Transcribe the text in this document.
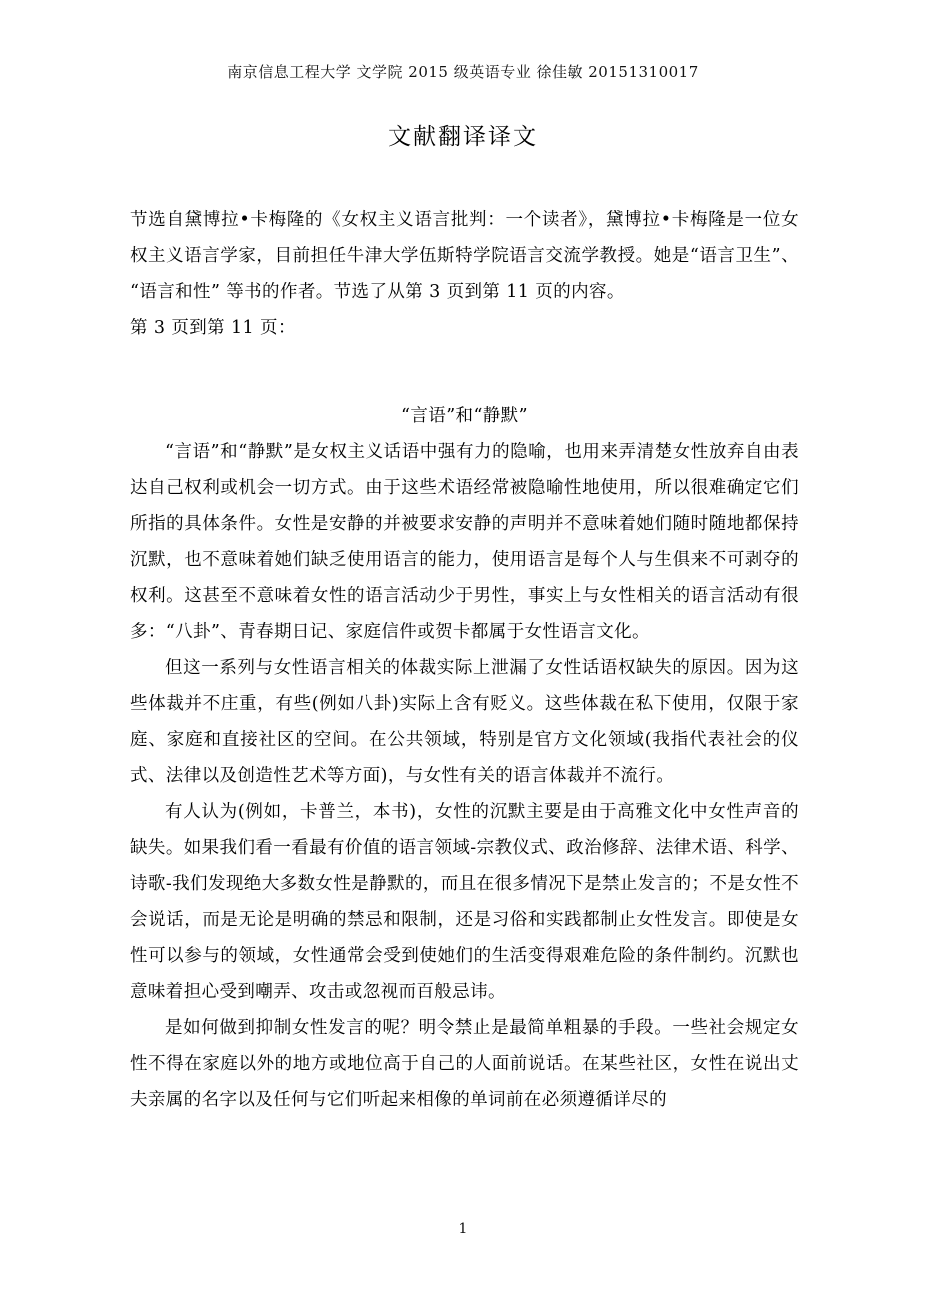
南京信息工程大学 文学院 2015 级英语专业 徐佳敏 20151310017
文献翻译译文

节选自黛博拉•卡梅隆的《女权主义语言批判：一个读者》，黛博拉•卡梅隆是一位女权主义语言学家，目前担任牛津大学伍斯特学院语言交流学教授。她是“语言卫生”、“语言和性” 等书的作者。节选了从第 3 页到第 11 页的内容。

第 3 页到第 11 页：

“言语”和“静默”

“言语”和“静默”是女权主义话语中强有力的隐喻，也用来弄清楚女性放弃自由表达自己权利或机会一切方式。由于这些术语经常被隐喻性地使用，所以很难确定它们所指的具体条件。女性是安静的并被要求安静的声明并不意味着她们随时随地都保持沉默，也不意味着她们缺乏使用语言的能力，使用语言是每个人与生俱来不可剥夺的权利。这甚至不意味着女性的语言活动少于男性，事实上与女性相关的语言活动有很多：“八卦”、青春期日记、家庭信件或贺卡都属于女性语言文化。

但这一系列与女性语言相关的体裁实际上泄漏了女性话语权缺失的原因。因为这些体裁并不庄重，有些(例如八卦)实际上含有贬义。这些体裁在私下使用，仅限于家庭、家庭和直接社区的空间。在公共领域，特别是官方文化领域(我指代表社会的仪式、法律以及创造性艺术等方面)，与女性有关的语言体裁并不流行。

有人认为(例如，卡普兰，本书)，女性的沉默主要是由于高雅文化中女性声音的缺失。如果我们看一看最有价值的语言领域-宗教仪式、政治修辞、法律术语、科学、诗歌-我们发现绝大多数女性是静默的，而且在很多情况下是禁止发言的；不是女性不会说话，而是无论是明确的禁忌和限制，还是习俗和实践都制止女性发言。即使是女性可以参与的领域，女性通常会受到使她们的生活变得艰难危险的条件制约。沉默也意味着担心受到嘲弄、攻击或忽视而百般忌讳。

是如何做到抑制女性发言的呢？明令禁止是最简单粗暴的手段。一些社会规定女性不得在家庭以外的地方或地位高于自己的人面前说话。在某些社区，女性在说出丈夫亲属的名字以及任何与它们听起来相像的单词前在必须遵循详尽的

1
